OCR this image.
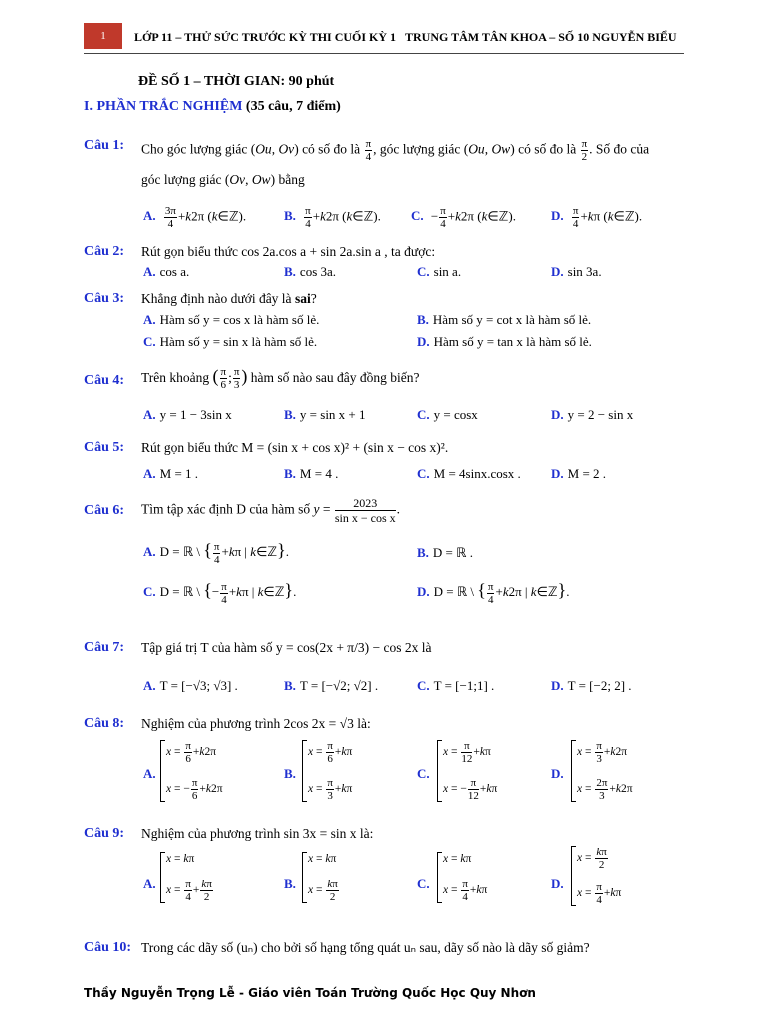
1	LỚP 11 – THỬ SỨC TRƯỚC KỲ THI CUỐI KỲ 1 TRUNG TÂM TÂN KHOA – SỐ 10 NGUYỄN BIỂU
ĐỀ SỐ 1 – THỜI GIAN: 90 phút
I. PHẦN TRẮC NGHIỆM (35 câu, 7 điểm)
Câu 1: Cho góc lượng giác (Ou, Ov) có số đo là $\frac{\pi}{4}$ , góc lượng giác (Ou, Ow) có số đo là $\frac{\pi}{2}$ . Số đo của
góc lượng giác (Ov, Ow) bằng
A. $\frac{3\pi}{4} +k2\pi$ (k∈ℤ).	B. $\frac{\pi}{4} +k2\pi$ (k∈ℤ). C. − $\frac{\pi}{4} +k2\pi$ (k∈ℤ).	D. $\frac{\pi}{4} +k\pi$ (k∈ℤ).
Câu 2: Rút gọn biểu thức cos 2a.cos a + sin 2a.sin a , ta được:
A. cos a.	B. cos 3a.	C. sin a.	D. sin 3a.
Câu 3: Khẳng định nào dưới đây là sai?
A. Hàm số y = cos x là hàm số lẻ.	B. Hàm số y = cot x là hàm số lẻ.
C. Hàm số y = sin x là hàm số lẻ.	D. Hàm số y = tan x là hàm số lẻ.
Câu 4: Trên khoảng ( $\frac{\pi}{6}$ ; $\frac{\pi}{3}$ ) hàm số nào sau đây đồng biến?
A. y = 1 − 3sin x	B. y = sin x + 1	C. y = cosx	D. y = 2 − sin x
Câu 5: Rút gọn biểu thức M = (sin x + cos x)² + (sin x − cos x)².
A. M = 1 .	B. M = 4 .	C. M = 4sinx.cosx . D. M = 2 .
Câu 6: Tìm tập xác định D của hàm số $y = \frac{2023}{\text{sin x − cos x}}$ .
A. D = ℝ \ { $\frac{\pi}{4} +k\pi$ | k∈ℤ}.	B. D = ℝ .
C. D = ℝ \ {− $\frac{\pi}{4} +k\pi$ | k∈ℤ}.	D. D = ℝ \ { $\frac{\pi}{4} +k2\pi$ | k∈ℤ}.
Câu 7: Tập giá trị T của hàm số y = cos(2x + π/3) − cos 2x là
A. T = [−√3; √3] .	B. T = [−√2; √2] .	C. T = [−1;1] .	D. T = [−2; 2] .
Câu 8: Nghiệm của phương trình 2cos 2x = √3 là:
A.
$x = \frac{\pi}{6} +k2\pi$
x = − $\frac{\pi}{6} +k2\pi$
B.
$x = \frac{\pi}{6} +k\pi$
$x = \frac{\pi}{3} +k\pi$
C.
$x = \frac{\pi}{12} +k\pi$
x = − $\frac{\pi}{12} +k\pi$
D.
$x = \frac{\pi}{3} +k2\pi$
$x = \frac{2\pi}{3} +k2\pi$
Câu 9: Nghiệm của phương trình sin 3x = sin x là:
A.
x = kπ
$x = \frac{\pi}{4} + \frac{k\pi}{2}$	B.
x = kπ
$x = \frac{k\pi}{2}$	C.
x = kπ
$x = \frac{\pi}{4} +k\pi$	D.
$x = \frac{k\pi}{2}$
$x = \frac{\pi}{4} +k\pi$
Câu 10: Trong các dãy số (uₙ) cho bởi số hạng tổng quát uₙ sau, dãy số nào là dãy số giảm?
Thầy Nguyễn Trọng Lễ - Giáo viên Toán Trường Quốc Học Quy Nhơn
